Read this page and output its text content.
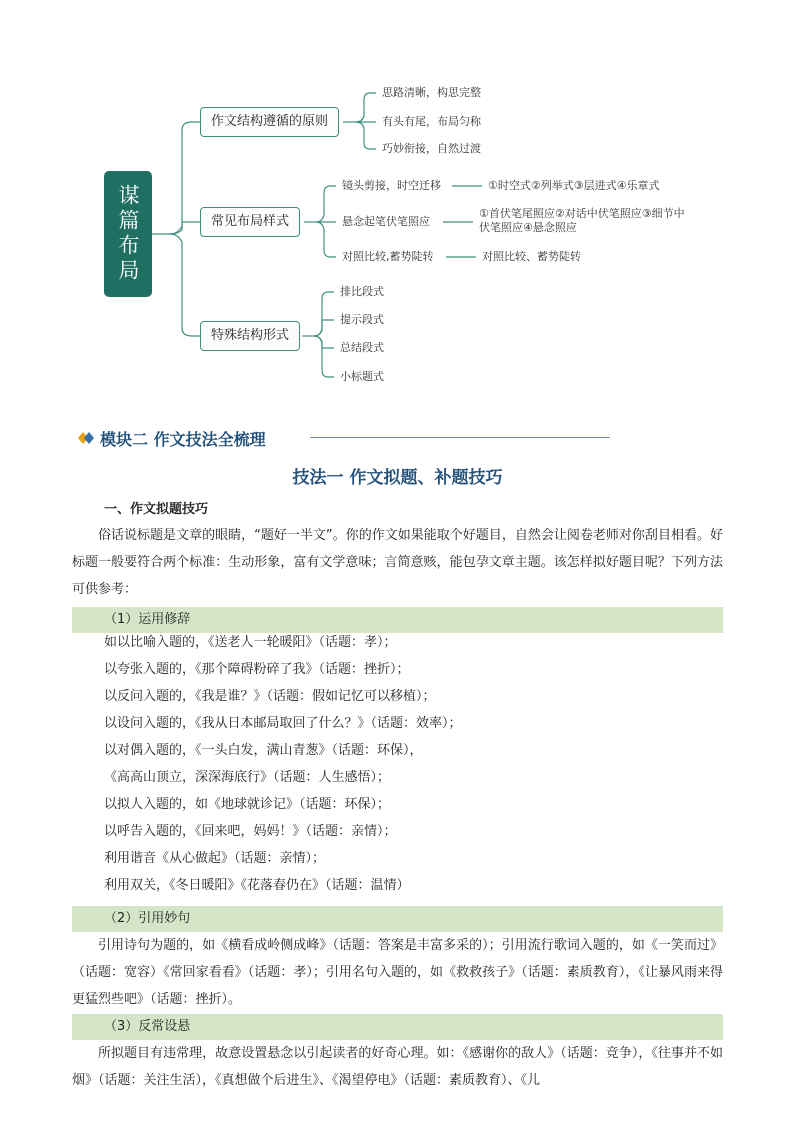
谋篇布局
作文结构遵循的原则
思路清晰，构思完整
有头有尾，布局匀称
巧妙衔接，自然过渡
常见布局样式
镜头剪接，时空迁移	①时空式②列举式③层进式④乐章式
悬念起笔伏笔照应
①首伏笔尾照应②对话中伏笔照应③细节中伏笔照应④悬念照应
对照比较,蓄势陡转	对照比较、蓄势陡转
特殊结构形式
排比段式
提示段式
总结段式
小标题式
模块二 作文技法全梳理
技法一 作文拟题、补题技巧
一、作文拟题技巧
俗话说标题是文章的眼睛，“题好一半文”。你的作文如果能取个好题目，自然会让阅卷老师对你刮目相看。好标题一般要符合两个标准：生动形象，富有文学意味；言简意赅，能包孕文章主题。该怎样拟好题目呢？下列方法可供参考：
（1）运用修辞
如以比喻入题的，《送老人一轮暖阳》（话题：孝）；
以夸张入题的，《那个障碍粉碎了我》（话题：挫折）；
以反问入题的，《我是谁？》（话题：假如记忆可以移植）；
以设问入题的，《我从日本邮局取回了什么？》（话题：效率）；
以对偶入题的，《一头白发，满山青葱》（话题：环保），
《高高山顶立，深深海底行》（话题：人生感悟）；
以拟人入题的，如《地球就诊记》（话题：环保）；
以呼告入题的，《回来吧，妈妈！》（话题：亲情）；
利用谐音《从心做起》（话题：亲情）；
利用双关，《冬日暖阳》《花落春仍在》（话题：温情）
（2）引用妙句
引用诗句为题的，如《横看成岭侧成峰》（话题：答案是丰富多采的）；引用流行歌词入题的，如《一笑而过》（话题：宽容）《常回家看看》（话题：孝）；引用名句入题的，如《救救孩子》（话题：素质教育），《让暴风雨来得更猛烈些吧》（话题：挫折）。
（3）反常设悬
所拟题目有违常理，故意设置悬念以引起读者的好奇心理。如：《感谢你的敌人》（话题：竞争），《往事并不如烟》（话题：关注生活），《真想做个后进生》、《渴望停电》（话题：素质教育）、《儿
